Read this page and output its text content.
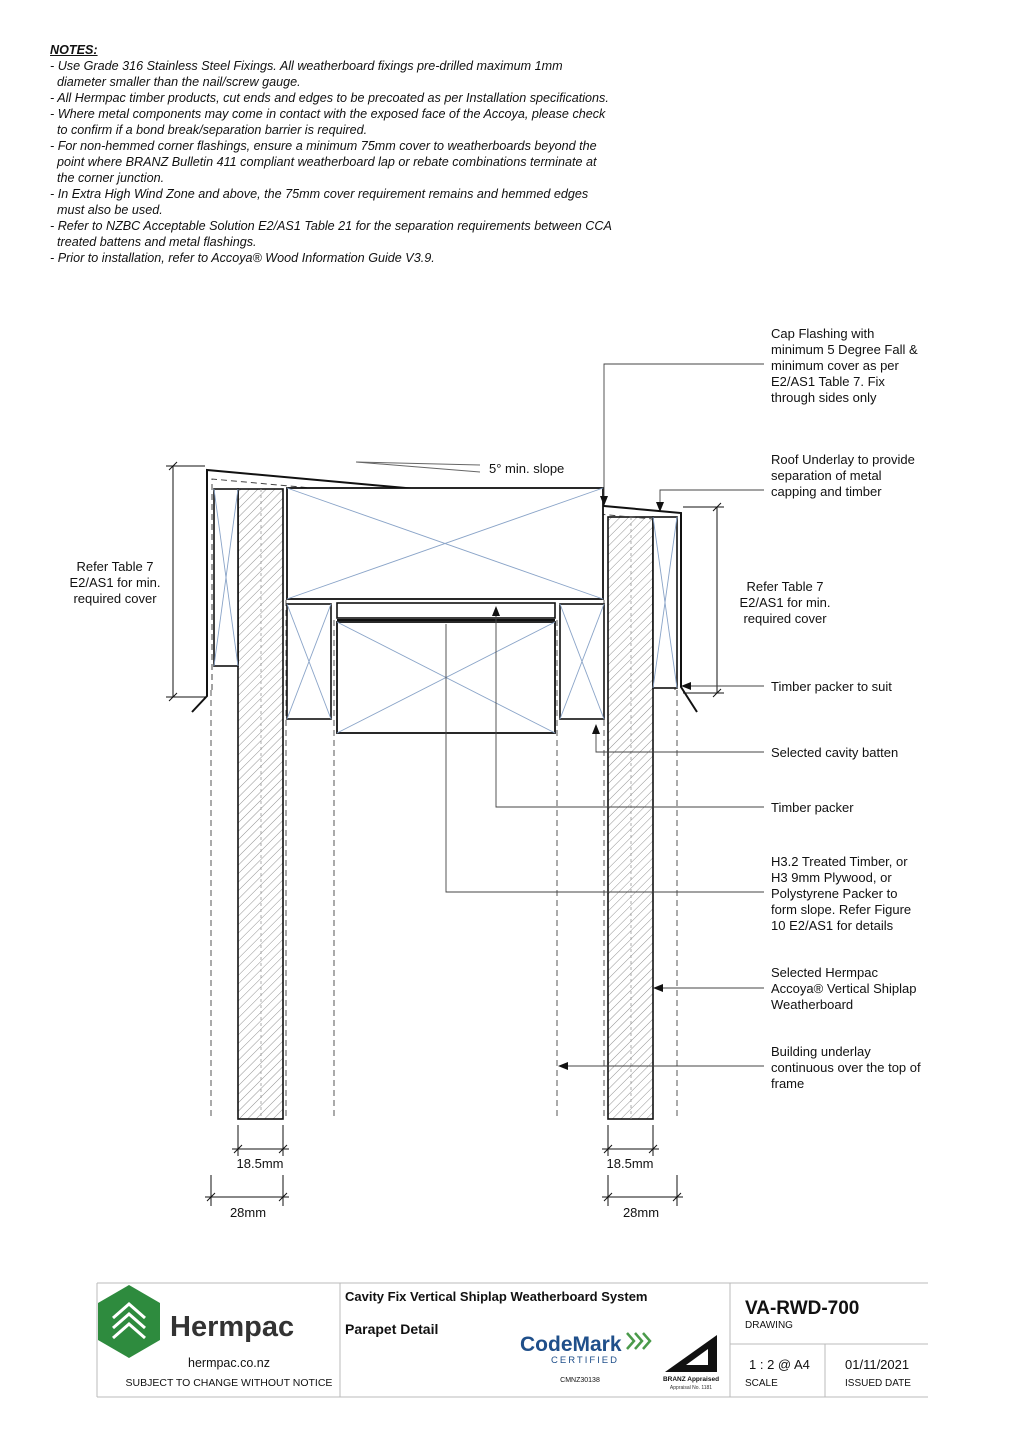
NOTES:
- Use Grade 316 Stainless Steel Fixings. All weatherboard fixings pre-drilled maximum 1mm
diameter smaller than the nail/screw gauge.
- All Hermpac timber products, cut ends and edges to be precoated as per Installation specifications.
- Where metal components may come in contact with the exposed face of the Accoya, please check
to confirm if a bond break/separation barrier is required.
- For non-hemmed corner flashings, ensure a minimum 75mm cover to weatherboards beyond the
point where BRANZ Bulletin 411 compliant weatherboard lap or rebate combinations terminate at
the corner junction.
- In Extra High Wind Zone and above, the 75mm cover requirement remains and hemmed edges
must also be used.
- Refer to NZBC Acceptable Solution E2/AS1 Table 21 for the separation requirements between CCA
treated battens and metal flashings.
- Prior to installation, refer to Accoya® Wood Information Guide V3.9.
5° min. slope
Refer Table 7
E2/AS1 for min.
required cover
Refer Table 7
E2/AS1 for min.
required cover
Cap Flashing with
minimum 5 Degree Fall &
minimum cover as per
E2/AS1 Table 7. Fix
through sides only
Roof Underlay to provide
separation of metal
capping and timber
Timber packer to suit
Selected cavity batten
Timber packer
H3.2 Treated Timber, or
H3 9mm Plywood, or
Polystyrene Packer to
form slope. Refer Figure
10 E2/AS1 for details
Selected Hermpac
Accoya® Vertical Shiplap
Weatherboard
Building underlay
continuous over the top of
frame
18.5mm
28mm
18.5mm
28mm
Hermpac
hermpac.co.nz
SUBJECT TO CHANGE WITHOUT NOTICE
Cavity Fix Vertical Shiplap Weatherboard System
Parapet Detail
CodeMark
CERTIFIED
CMNZ30138	BRANZ Appraised
Appraisal No. 1181
VA-RWD-700
DRAWING
1 : 2 @ A4
SCALE
01/11/2021
ISSUED DATE
